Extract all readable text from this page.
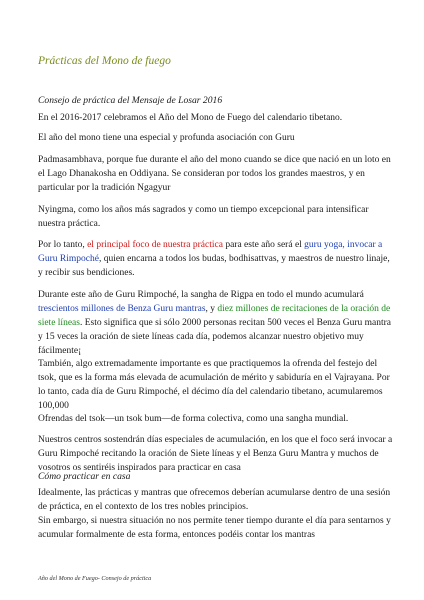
Prácticas del Mono de fuego
Consejo de práctica del Mensaje de Losar 2016
En el 2016-2017 celebramos el Año del Mono de Fuego del calendario tibetano.
El año del mono tiene una especial y profunda asociación con Guru
Padmasambhava, porque fue durante el año del mono cuando se dice que nació en un loto en el Lago Dhanakosha en Oddiyana. Se consideran por todos los grandes maestros, y en particular por la tradición Ngagyur
Nyingma, como los años más sagrados y como un tiempo excepcional para intensificar nuestra práctica.
Por lo tanto, el principal foco de nuestra práctica para este año será el guru yoga, invocar a Guru Rimpoché, quien encarna a todos los budas, bodhisattvas, y maestros de nuestro linaje, y recibir sus bendiciones.
Durante este año de Guru Rimpoché, la sangha de Rigpa en todo el mundo acumulará trescientos millones de Benza Guru mantras, y diez millones de recitaciones de la oración de siete líneas. Esto significa que si sólo 2000 personas recitan 500 veces el Benza Guru mantra y 15 veces la oración de siete líneas cada día, podemos alcanzar nuestro objetivo muy fácilmente¡
También, algo extremadamente importante es que practiquemos la ofrenda del festejo del tsok, que es la forma más elevada de acumulación de mérito y sabiduría en el Vajrayana. Por lo tanto, cada día de Guru Rimpoché, el décimo día del calendario tibetano, acumularemos 100,000
Ofrendas del tsok—un tsok bum—de forma colectiva, como una sangha mundial.
Nuestros centros sostendrán días especiales de acumulación, en los que el foco será invocar a Guru Rimpoché recitando la oración de Siete líneas y el Benza Guru Mantra y muchos de vosotros os sentiréis inspirados para practicar en casa
Cómo practicar en casa
Idealmente, las prácticas y mantras que ofrecemos deberían acumularse dentro de una sesión de práctica, en el contexto de los tres nobles principios.
Sin embargo, si nuestra situación no nos permite tener tiempo durante el día para sentarnos y acumular formalmente de esta forma, entonces podéis contar los mantras
Año del Mono de Fuego- Consejo de práctica
